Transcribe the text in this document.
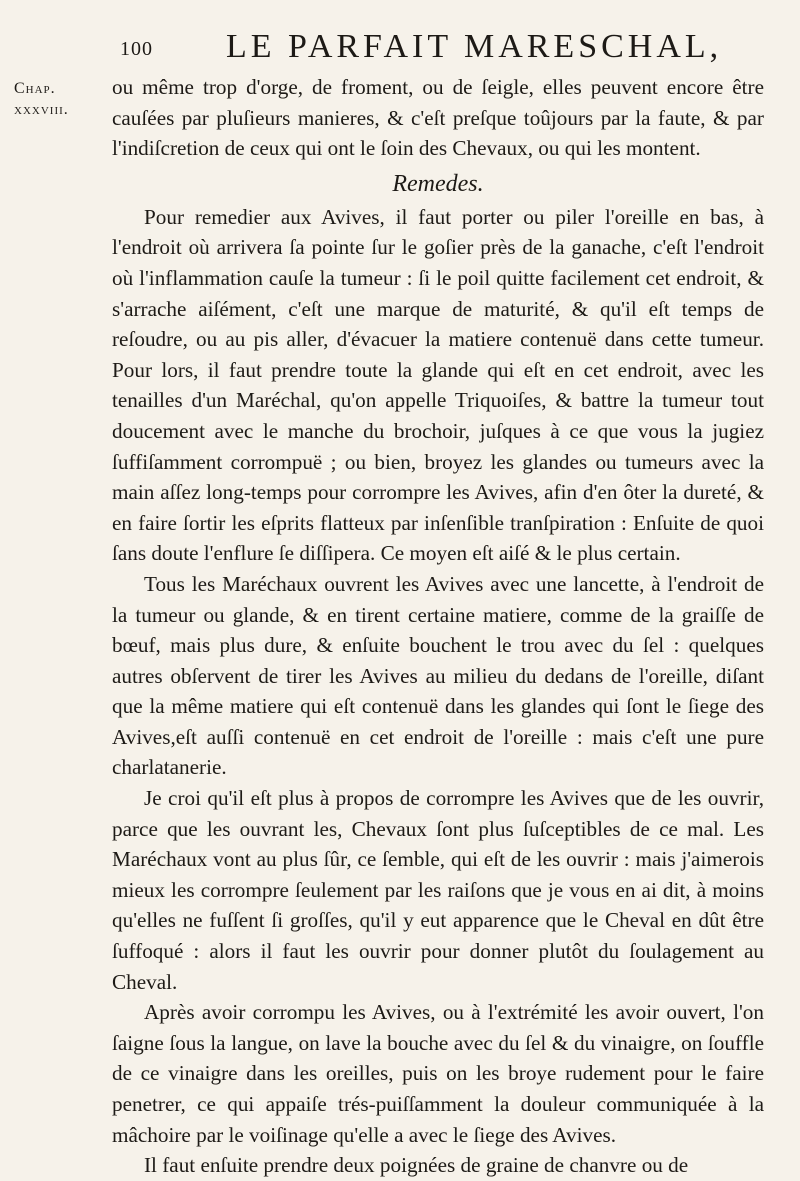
100 LE PARFAIT MARESCHAL,
Chap.
xxxviii.

ou même trop d'orge, de froment, ou de ſeigle, elles peuvent encore être cauſées par pluſieurs manieres, & c'eſt preſque toûjours par la faute, & par l'indiſcretion de ceux qui ont le ſoin des Chevaux, ou qui les montent.

Remedes.

Pour remedier aux Avives, il faut porter ou piler l'oreille en bas, à l'endroit où arrivera ſa pointe ſur le goſier près de la ganache, c'eſt l'endroit où l'inflammation cauſe la tumeur : ſi le poil quitte facilement cet endroit, & s'arrache aiſément, c'eſt une marque de maturité, & qu'il eſt temps de reſoudre, ou au pis aller, d'évacuer la matiere contenuë dans cette tumeur. Pour lors, il faut prendre toute la glande qui eſt en cet endroit, avec les tenailles d'un Maréchal, qu'on appelle Triquoiſes, & battre la tumeur tout doucement avec le manche du brochoir, juſques à ce que vous la jugiez ſuffiſamment corrompuë ; ou bien, broyez les glandes ou tumeurs avec la main aſſez long-temps pour corrompre les Avives, afin d'en ôter la dureté, & en faire ſortir les eſprits flatteux par inſenſible tranſpiration : Enſuite de quoi ſans doute l'enflure ſe diſſipera. Ce moyen eſt aiſé & le plus certain.

Tous les Maréchaux ouvrent les Avives avec une lancette, à l'endroit de la tumeur ou glande, & en tirent certaine matiere, comme de la graiſſe de bœuf, mais plus dure, & enſuite bouchent le trou avec du ſel : quelques autres obſervent de tirer les Avives au milieu du dedans de l'oreille, diſant que la même matiere qui eſt contenuë dans les glandes qui ſont le ſiege des Avives,eſt auſſi contenuë en cet endroit de l'oreille : mais c'eſt une pure charlatanerie.

Je croi qu'il eſt plus à propos de corrompre les Avives que de les ouvrir, parce que les ouvrant les, Chevaux ſont plus ſuſceptibles de ce mal. Les Maréchaux vont au plus ſûr, ce ſemble, qui eſt de les ouvrir : mais j'aimerois mieux les corrompre ſeulement par les raiſons que je vous en ai dit, à moins qu'elles ne fuſſent ſi groſſes, qu'il y eut apparence que le Cheval en dût être ſuffoqué : alors il faut les ouvrir pour donner plutôt du ſoulagement au Cheval.

Après avoir corrompu les Avives, ou à l'extrémité les avoir ouvert, l'on ſaigne ſous la langue, on lave la bouche avec du ſel & du vinaigre, on ſouffle de ce vinaigre dans les oreilles, puis on les broye rudement pour le faire penetrer, ce qui appaiſe trés-puiſſamment la douleur communiquée à la mâchoire par le voiſinage qu'elle a avec le ſiege des Avives.

Il faut enſuite prendre deux poignées de graine de chanvre ou de
